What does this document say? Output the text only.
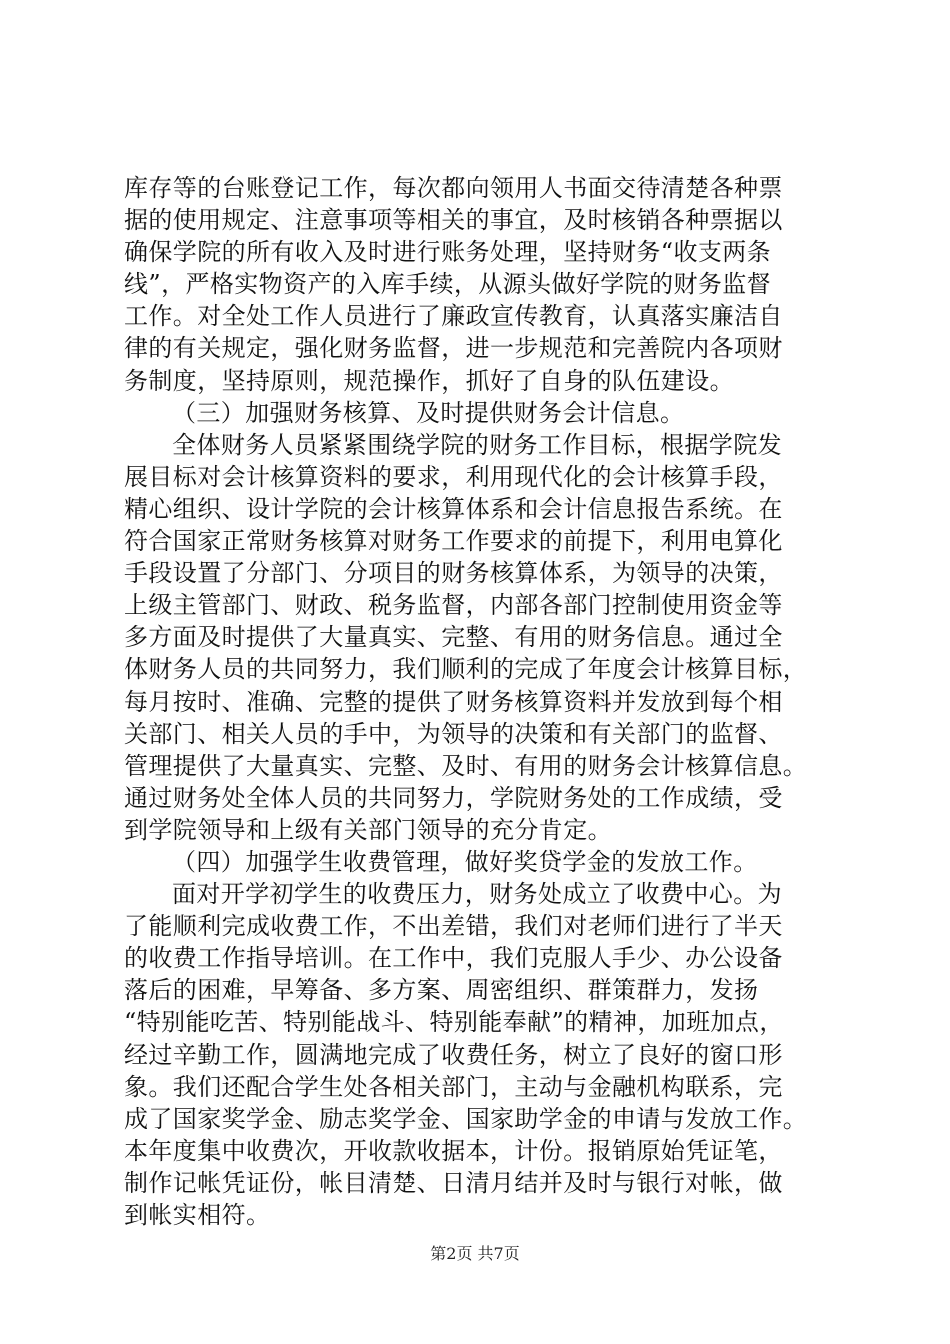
库存等的台账登记工作，每次都向领用人书面交待清楚各种票
据的使用规定、注意事项等相关的事宜，及时核销各种票据以
确保学院的所有收入及时进行账务处理，坚持财务“收支两条
线”，严格实物资产的入库手续，从源头做好学院的财务监督
工作。对全处工作人员进行了廉政宣传教育，认真落实廉洁自
律的有关规定，强化财务监督，进一步规范和完善院内各项财
务制度，坚持原则，规范操作，抓好了自身的队伍建设。
（三）加强财务核算、及时提供财务会计信息。
全体财务人员紧紧围绕学院的财务工作目标，根据学院发
展目标对会计核算资料的要求，利用现代化的会计核算手段，
精心组织、设计学院的会计核算体系和会计信息报告系统。在
符合国家正常财务核算对财务工作要求的前提下，利用电算化
手段设置了分部门、分项目的财务核算体系，为领导的决策，
上级主管部门、财政、税务监督，内部各部门控制使用资金等
多方面及时提供了大量真实、完整、有用的财务信息。通过全
体财务人员的共同努力，我们顺利的完成了年度会计核算目标，
每月按时、准确、完整的提供了财务核算资料并发放到每个相
关部门、相关人员的手中，为领导的决策和有关部门的监督、
管理提供了大量真实、完整、及时、有用的财务会计核算信息。
通过财务处全体人员的共同努力，学院财务处的工作成绩，受
到学院领导和上级有关部门领导的充分肯定。
（四）加强学生收费管理，做好奖贷学金的发放工作。
面对开学初学生的收费压力，财务处成立了收费中心。为
了能顺利完成收费工作，不出差错，我们对老师们进行了半天
的收费工作指导培训。在工作中，我们克服人手少、办公设备
落后的困难，早筹备、多方案、周密组织、群策群力，发扬
“特别能吃苦、特别能战斗、特别能奉献”的精神，加班加点，
经过辛勤工作，圆满地完成了收费任务，树立了良好的窗口形
象。我们还配合学生处各相关部门，主动与金融机构联系，完
成了国家奖学金、励志奖学金、国家助学金的申请与发放工作。
本年度集中收费次，开收款收据本，计份。报销原始凭证笔，
制作记帐凭证份，帐目清楚、日清月结并及时与银行对帐，做
到帐实相符。
第2页 共7页
